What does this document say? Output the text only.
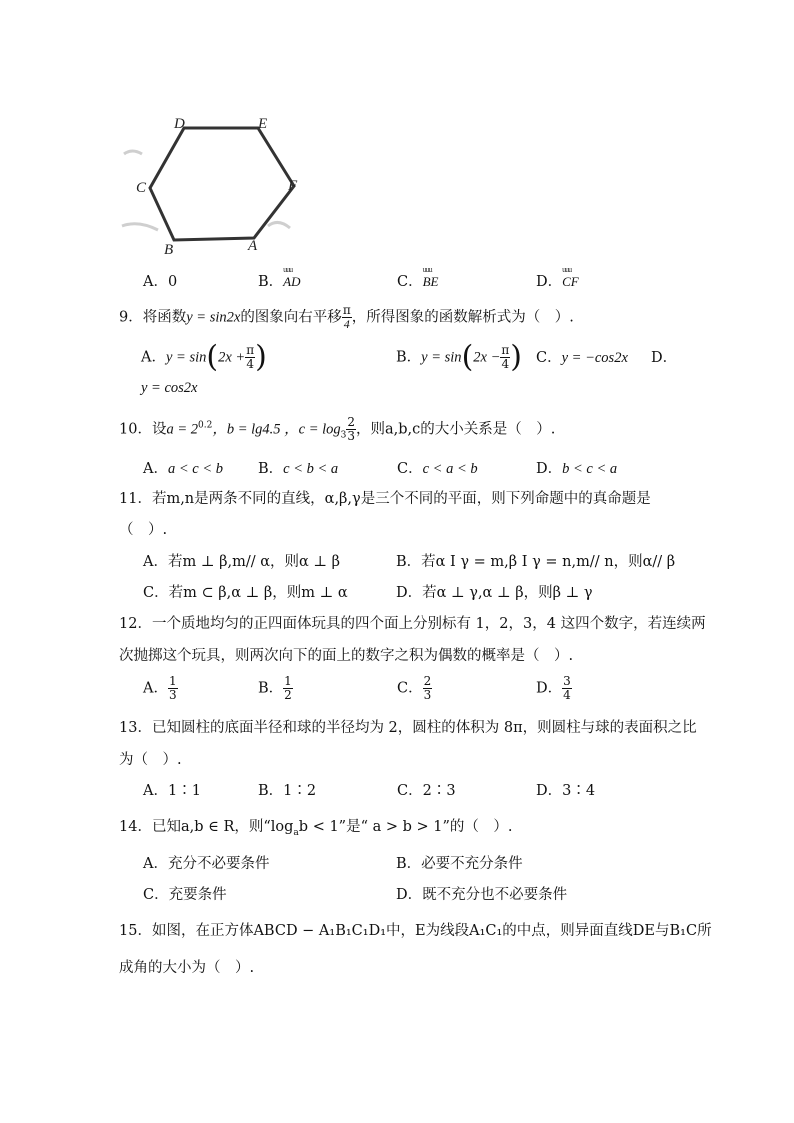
D	E
C	F
B	A
A．0	B．uuu AD	C．uuu BE	D．uuu CF
9．将函数y = sin2x的图象向右平移 $\frac{\pi}{4}$ ，所得图象的函数解析式为（　）.
A．$y = \sin(2x + \frac{\pi}{4}$ )	B．$y = \sin(2x - \frac{\pi}{4}$ ) C．y = −cos2x D．
y = cos2x
10．设$a = 2^{0.2}$，b = lg4.5 ，$c = \log_3 \frac{2}{3}$ ，则a,b,c的大小关系是（　）.
A．a < c < b B．c < b < a	C．c < a < b	D．b < c < a
11．若m,n是两条不同的直线，α,β,γ是三个不同的平面，则下列命题中的真命题是
（　）.
A．若m ⊥ β,m// α，则α ⊥ β	B．若α I γ = m,β I γ = n,m// n，则α// β
C．若m ⊂ β,α ⊥ β，则m ⊥ α	D．若α ⊥ γ,α ⊥ β，则β ⊥ γ
12．一个质地均匀的正四面体玩具的四个面上分别标有 1，2，3，4 这四个数字，若连续两
次抛掷这个玩具，则两次向下的面上的数字之积为偶数的概率是（　）.
A． $\frac{1}{3}$	B． $\frac{1}{2}$	C． $\frac{2}{3}$	D． $\frac{3}{4}$
13．已知圆柱的底面半径和球的半径均为 2，圆柱的体积为 8π，则圆柱与球的表面积之比
为（　）.
A．1∶1	B．1∶2	C．2∶3	D．3∶4
14．已知a,b ∈ R，则“$\log_ab < 1$”是“ a > b > 1”的（　）.
A．充分不必要条件	B．必要不充分条件
C．充要条件	D．既不充分也不必要条件
15．如图，在正方体ABCD − A₁B₁C₁D₁中，E为线段A₁C₁的中点，则异面直线DE与B₁C所
成角的大小为（　）.
